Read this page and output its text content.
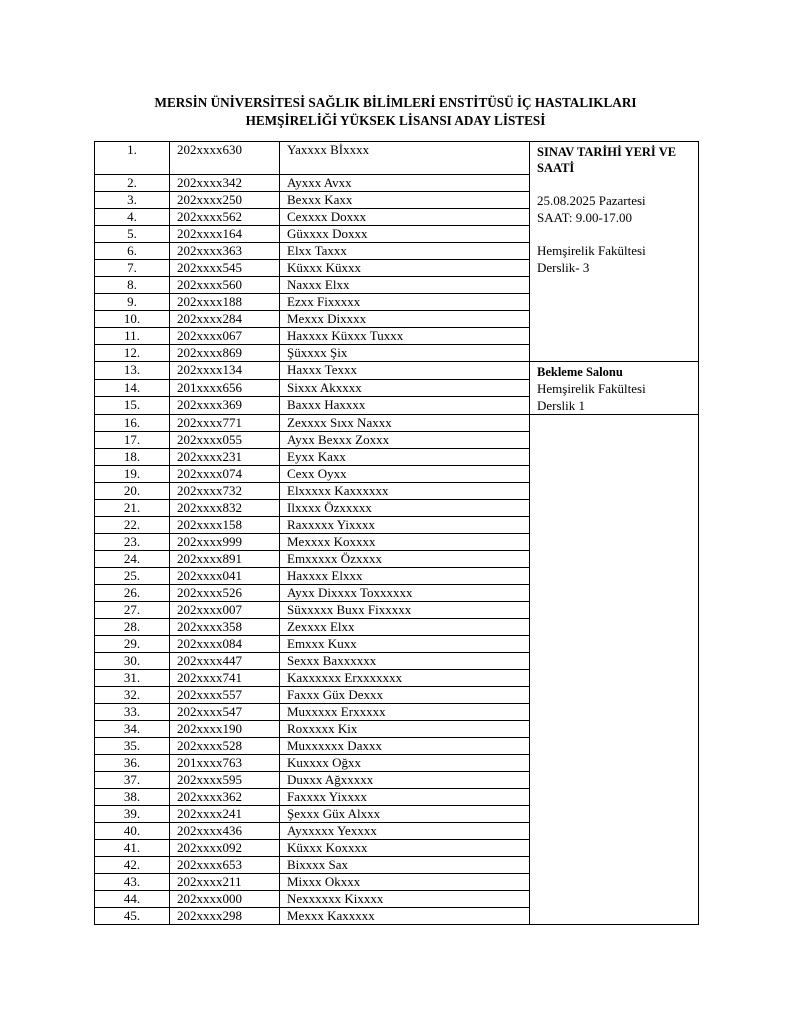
MERSİN ÜNİVERSİTESİ SAĞLIK BİLİMLERİ ENSTİTÜSÜ İÇ HASTALIKLARI
HEMŞİRELİĞİ YÜKSEK LİSANSI ADAY LİSTESİ
1.	202xxxx630	Yaxxxx Bİxxxx	SINAV TARİHİ YERİ VE SAATİ
25.08.2025 Pazartesi
SAAT: 9.00-17.00
Hemşirelik Fakültesi
Derslik- 3

2.	202xxxx342	Ayxxx Avxx	
3.	202xxxx250	Bexxx Kaxx	
4.	202xxxx562	Cexxxx Doxxx	
5.	202xxxx164	Güxxxx Doxxx	
6.	202xxxx363	Elxx Taxxx	
7.	202xxxx545	Küxxx Küxxx	
8.	202xxxx560	Naxxx Elxx	
9.	202xxxx188	Ezxx Fixxxxx	
10.	202xxxx284	Mexxx Dixxxx	
11.	202xxxx067	Haxxxx Küxxx Tuxxx	
12.	202xxxx869	Şüxxxx Şix	
13.	202xxxx134	Haxxx Texxx	Bekleme Salonu
Hemşirelik Fakültesi
Derslik 1

14.	201xxxx656	Sixxx Akxxxx	
15.	202xxxx369	Baxxx Haxxxx	
16.	202xxxx771	Zexxxx Sıxx Naxxx	
17.	202xxxx055	Ayxx Bexxx Zoxxx	
18.	202xxxx231	Eyxx Kaxx	
19.	202xxxx074	Cexx Oyxx	
20.	202xxxx732	Elxxxxx Kaxxxxxx	
21.	202xxxx832	Ilxxxx Özxxxxx	
22.	202xxxx158	Raxxxxx Yixxxx	
23.	202xxxx999	Mexxxx Koxxxx	
24.	202xxxx891	Emxxxxx Özxxxx	
25.	202xxxx041	Haxxxx Elxxx	
26.	202xxxx526	Ayxx Dixxxx Toxxxxxx	
27.	202xxxx007	Süxxxxx Buxx Fixxxxx	
28.	202xxxx358	Zexxxx Elxx	
29.	202xxxx084	Emxxx Kuxx	
30.	202xxxx447	Sexxx Baxxxxxx	
31.	202xxxx741	Kaxxxxxx Erxxxxxxx	
32.	202xxxx557	Faxxx Güx Dexxx	
33.	202xxxx547	Muxxxxx Erxxxxx	
34.	202xxxx190	Roxxxxx Kix	
35.	202xxxx528	Muxxxxxx Daxxx	
36.	201xxxx763	Kuxxxx Oğxx	
37.	202xxxx595	Duxxx Ağxxxxx	
38.	202xxxx362	Faxxxx Yixxxx	
39.	202xxxx241	Şexxx Güx Alxxx	
40.	202xxxx436	Ayxxxxx Yexxxx	
41.	202xxxx092	Küxxx Koxxxx	
42.	202xxxx653	Bixxxx Sax	
43.	202xxxx211	Mixxx Okxxx	
44.	202xxxx000	Nexxxxxx Kixxxx	
45.	202xxxx298	Mexxx Kaxxxxx	
